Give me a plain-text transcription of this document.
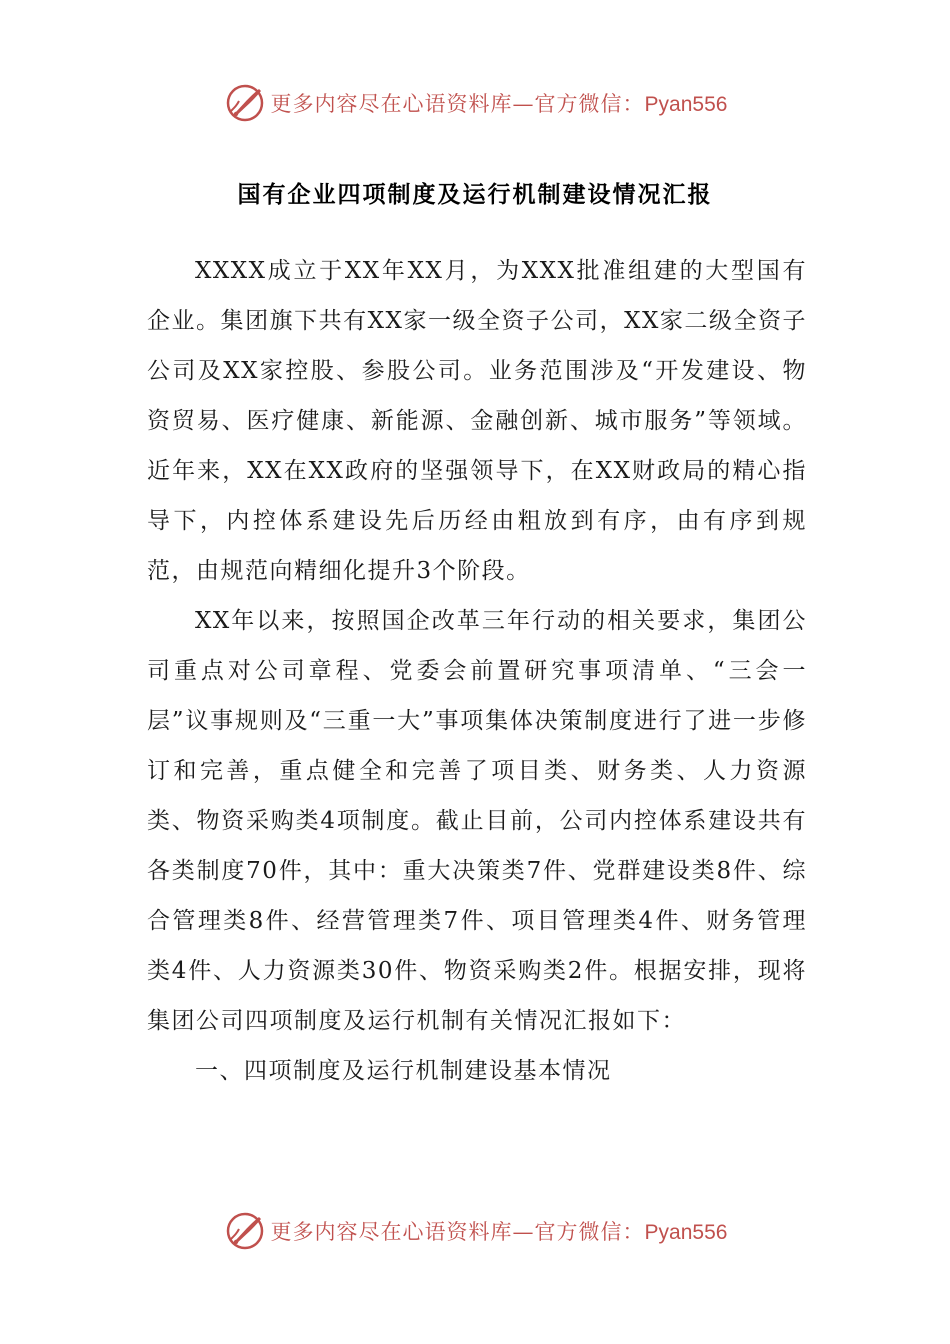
更多内容尽在心语资料库—官方微信：Pyan556
国有企业四项制度及运行机制建设情况汇报

XXXX成立于XX年XX月，为XXX批准组建的大型国有企业。集团旗下共有XX家一级全资子公司，XX家二级全资子公司及XX家控股、参股公司。业务范围涉及“开发建设、物资贸易、医疗健康、新能源、金融创新、城市服务”等领域。近年来，XX在XX政府的坚强领导下，在XX财政局的精心指导下，内控体系建设先后历经由粗放到有序，由有序到规范，由规范向精细化提升3个阶段。

XX年以来，按照国企改革三年行动的相关要求，集团公司重点对公司章程、党委会前置研究事项清单、“三会一层”议事规则及“三重一大”事项集体决策制度进行了进一步修订和完善，重点健全和完善了项目类、财务类、人力资源类、物资采购类4项制度。截止目前，公司内控体系建设共有各类制度70件，其中：重大决策类7件、党群建设类8件、综合管理类8件、经营管理类7件、项目管理类4件、财务管理类4件、人力资源类30件、物资采购类2件。根据安排，现将集团公司四项制度及运行机制有关情况汇报如下：

一、四项制度及运行机制建设基本情况

更多内容尽在心语资料库—官方微信：Pyan556
